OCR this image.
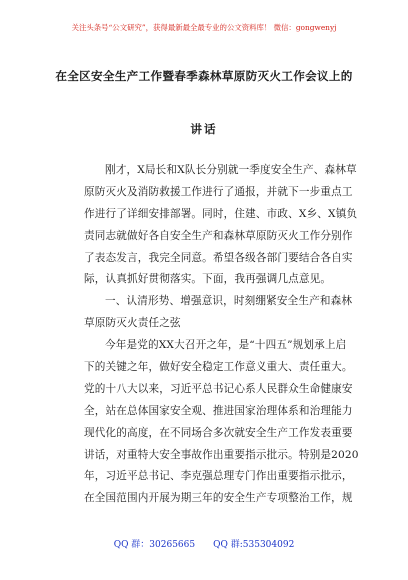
关注头条号“公文研究”，获得最新最全最专业的公文资料库！ 微信：gongwenyj
在全区安全生产工作暨春季森林草原防灭火工作会议上的
讲话
刚才，X局长和X队长分别就一季度安全生产、森林草
原防灭火及消防救援工作进行了通报，并就下一步重点工
作进行了详细安排部署。同时，住建、市政、X乡、X镇负
责同志就做好各自安全生产和森林草原防灭火工作分别作
了表态发言，我完全同意。希望各级各部门要结合各自实
际，认真抓好贯彻落实。下面，我再强调几点意见。
一、认清形势、增强意识，时刻绷紧安全生产和森林
草原防灭火责任之弦
今年是党的XX大召开之年，是“十四五”规划承上启
下的关键之年，做好安全稳定工作意义重大、责任重大。
党的十八大以来，习近平总书记心系人民群众生命健康安
全，站在总体国家安全观、推进国家治理体系和治理能力
现代化的高度，在不同场合多次就安全生产工作发表重要
讲话，对重特大安全事故作出重要指示批示。特别是2020
年，习近平总书记、李克强总理专门作出重要指示批示，
在全国范围内开展为期三年的安全生产专项整治工作，规
QQ 群：30265665 QQ 群:535304092
